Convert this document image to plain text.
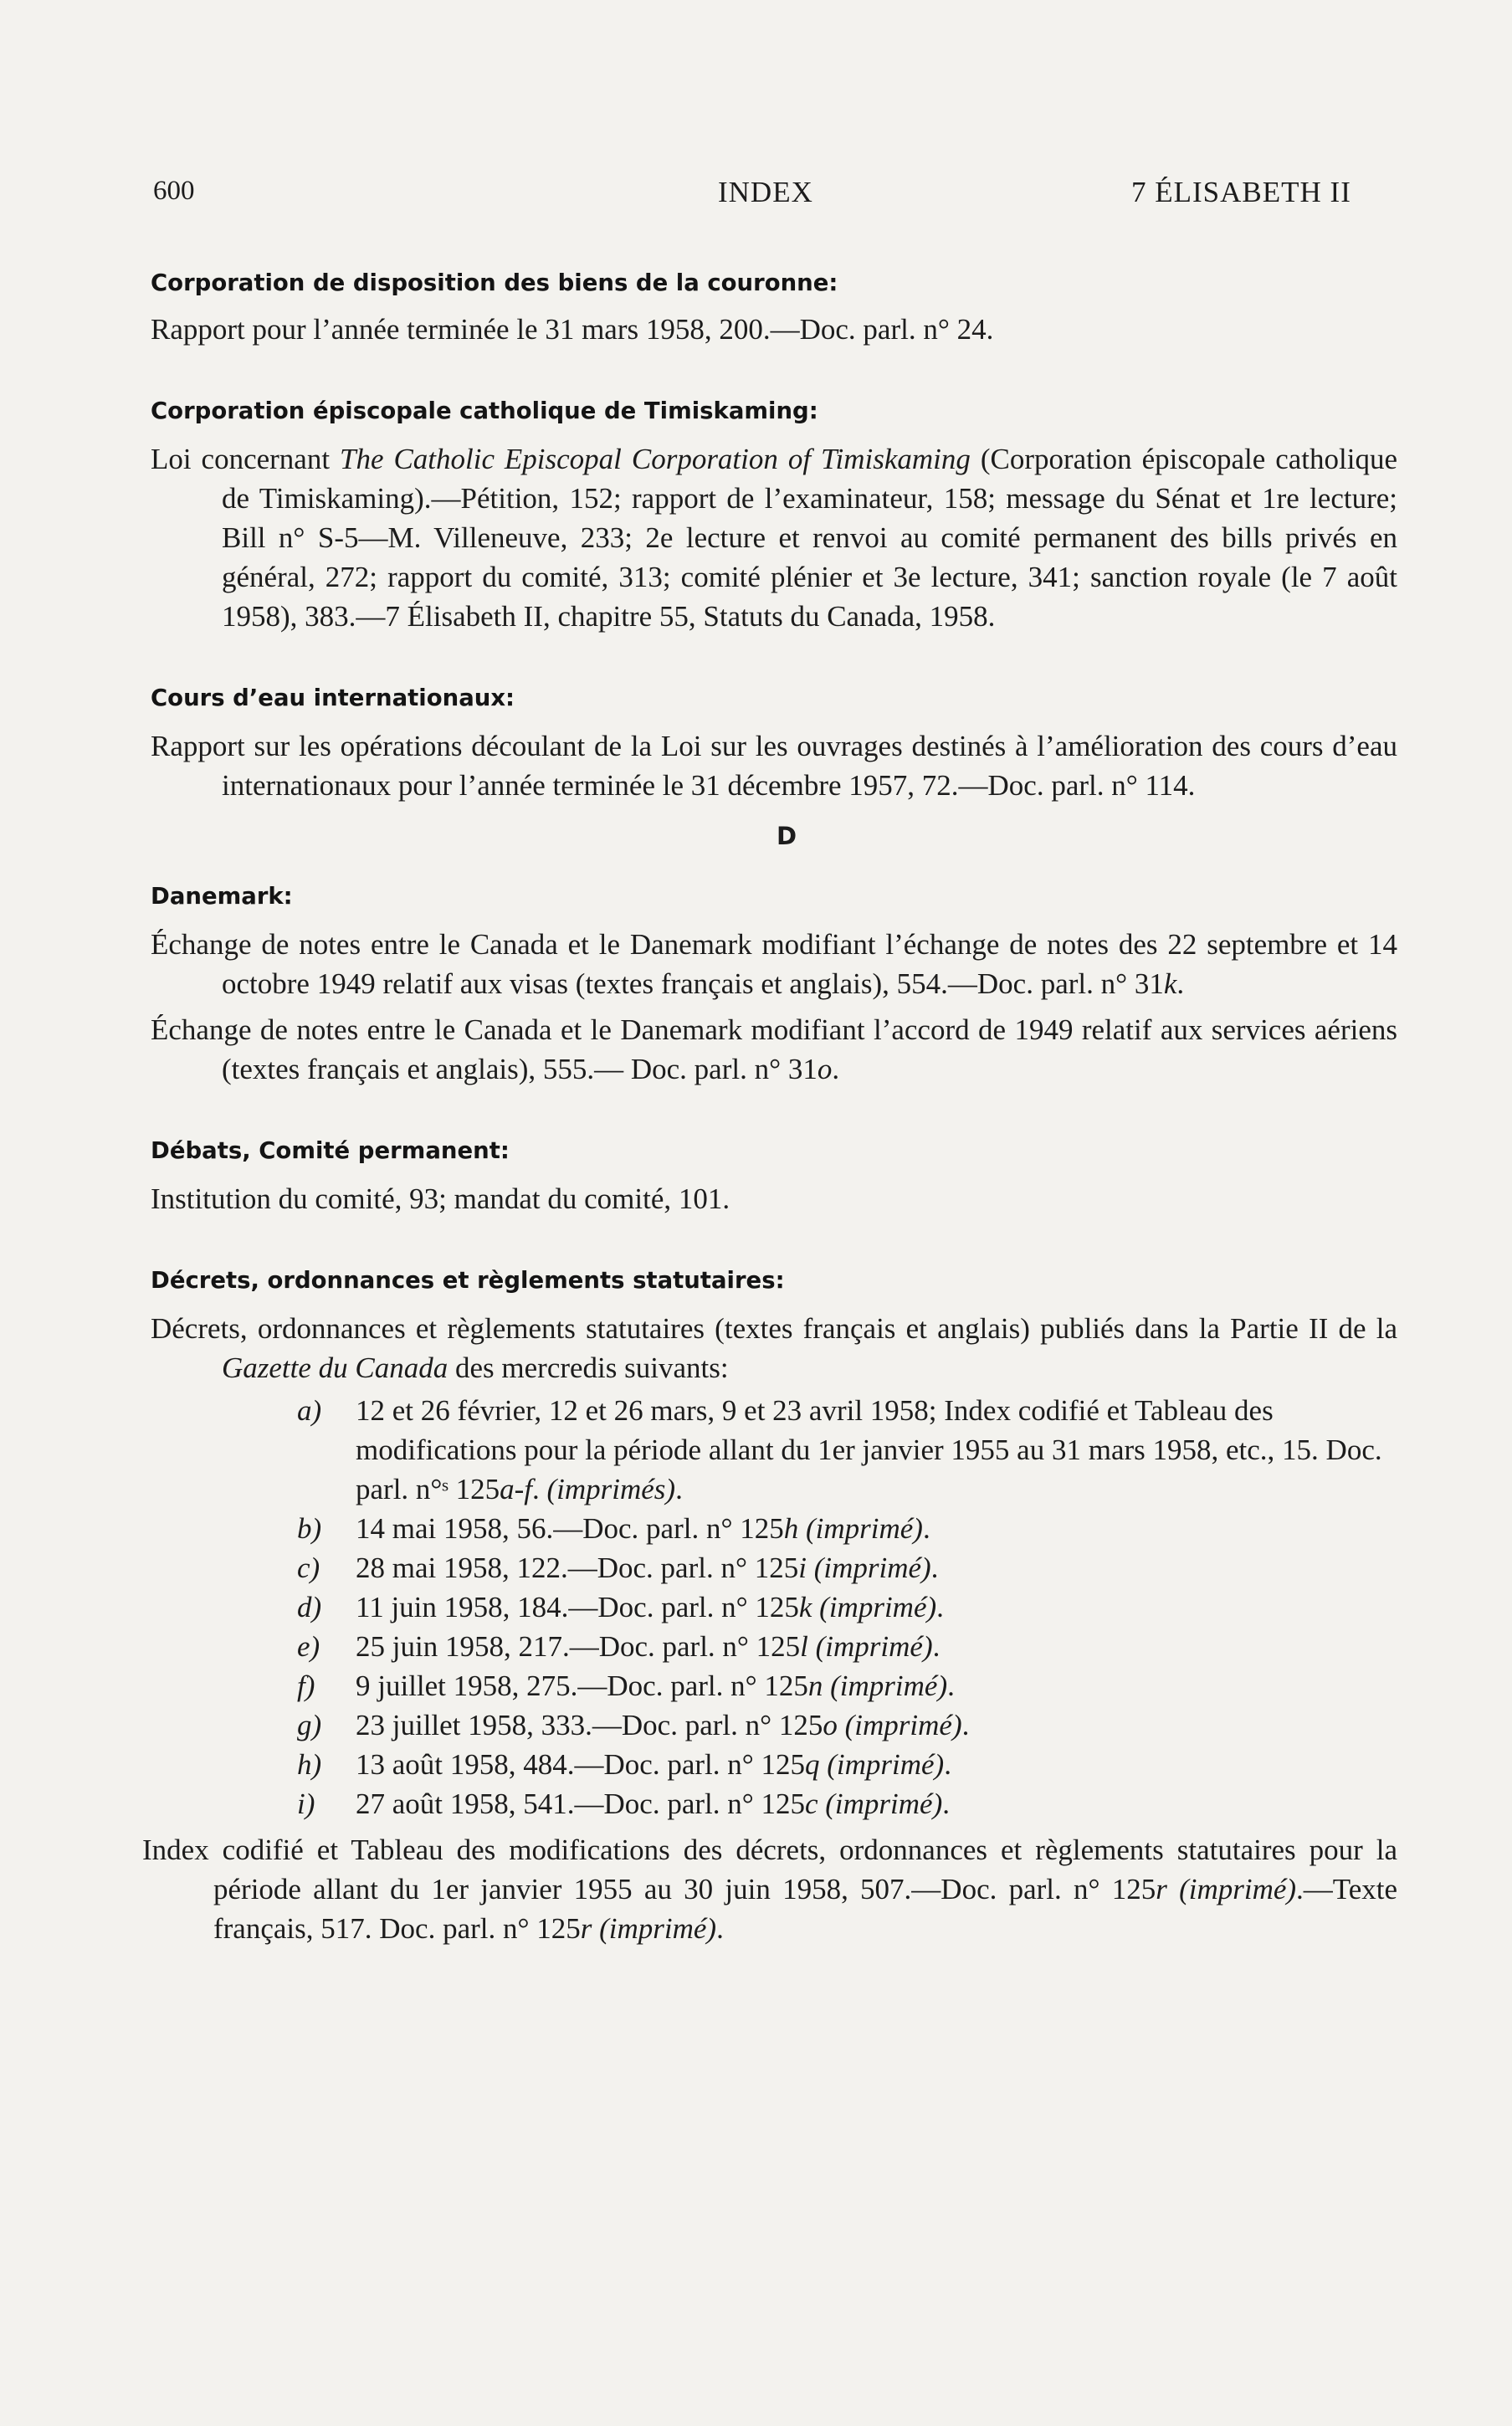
600	INDEX	7 ÉLISABETH II

Corporation de disposition des biens de la couronne:

Rapport pour l’année terminée le 31 mars 1958, 200.—Doc. parl. n° 24.

Corporation épiscopale catholique de Timiskaming:

Loi concernant The Catholic Episcopal Corporation of Timiskaming (Corporation épiscopale catholique de Timiskaming).—Pétition, 152; rapport de l’examinateur, 158; message du Sénat et 1re lecture; Bill n° S-5—M. Villeneuve, 233; 2e lecture et renvoi au comité permanent des bills privés en général, 272; rapport du comité, 313; comité plénier et 3e lecture, 341; sanction royale (le 7 août 1958), 383.—7 Élisabeth II, chapitre 55, Statuts du Canada, 1958.

Cours d’eau internationaux:

Rapport sur les opérations découlant de la Loi sur les ouvrages destinés à l’amélioration des cours d’eau internationaux pour l’année terminée le 31 décembre 1957, 72.—Doc. parl. n° 114.

D

Danemark:

Échange de notes entre le Canada et le Danemark modifiant l’échange de notes des 22 septembre et 14 octobre 1949 relatif aux visas (textes français et anglais), 554.—Doc. parl. n° 31k.

Échange de notes entre le Canada et le Danemark modifiant l’accord de 1949 relatif aux services aériens (textes français et anglais), 555.— Doc. parl. n° 31o.

Débats, Comité permanent:

Institution du comité, 93; mandat du comité, 101.

Décrets, ordonnances et règlements statutaires:

Décrets, ordonnances et règlements statutaires (textes français et anglais) publiés dans la Partie II de la Gazette du Canada des mercredis suivants:

a) 12 et 26 février, 12 et 26 mars, 9 et 23 avril 1958; Index codifié et Tableau des modifications pour la période allant du 1er janvier 1955 au 31 mars 1958, etc., 15. Doc. parl. n°ˢ 125a-f. (imprimés).
b) 14 mai 1958, 56.—Doc. parl. n° 125h (imprimé).
c) 28 mai 1958, 122.—Doc. parl. n° 125i (imprimé).
d) 11 juin 1958, 184.—Doc. parl. n° 125k (imprimé).
e) 25 juin 1958, 217.—Doc. parl. n° 125l (imprimé).
f) 9 juillet 1958, 275.—Doc. parl. n° 125n (imprimé).
g) 23 juillet 1958, 333.—Doc. parl. n° 125o (imprimé).
h) 13 août 1958, 484.—Doc. parl. n° 125q (imprimé).
i) 27 août 1958, 541.—Doc. parl. n° 125c (imprimé).

Index codifié et Tableau des modifications des décrets, ordonnances et règlements statutaires pour la période allant du 1er janvier 1955 au 30 juin 1958, 507.—Doc. parl. n° 125r (imprimé).—Texte français, 517. Doc. parl. n° 125r (imprimé).
